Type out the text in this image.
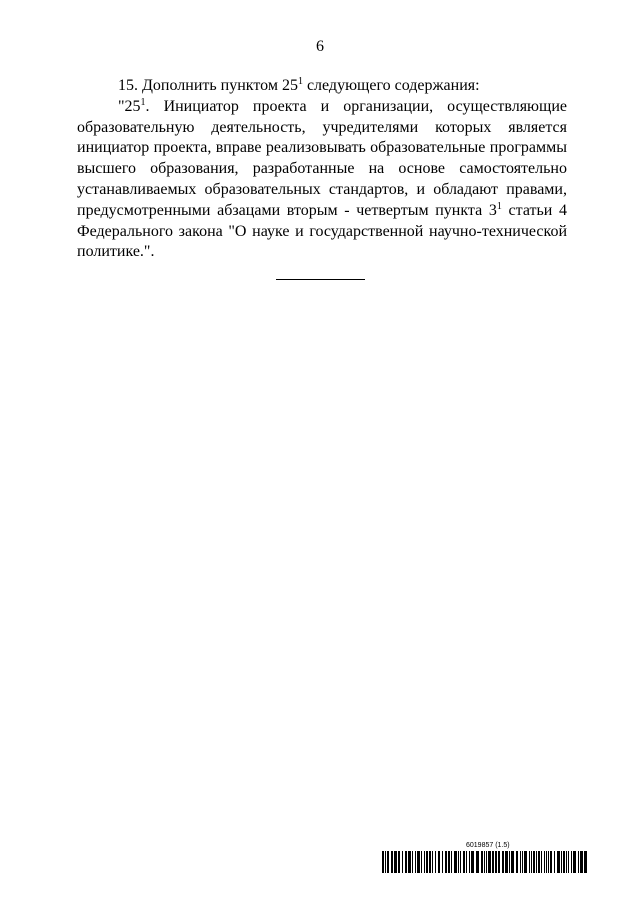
6

15. Дополнить пунктом $25^1$ следующего содержания:

"$25^1$. Инициатор проекта и организации, осуществляющие образовательную деятельность, учредителями которых является инициатор проекта, вправе реализовывать образовательные программы высшего образования, разработанные на основе самостоятельно устанавливаемых образовательных стандартов, и обладают правами, предусмотренными абзацами вторым - четвертым пункта $3^1$ статьи 4 Федерального закона "О науке и государственной научно-технической политике.".

6019857 (1.5)
